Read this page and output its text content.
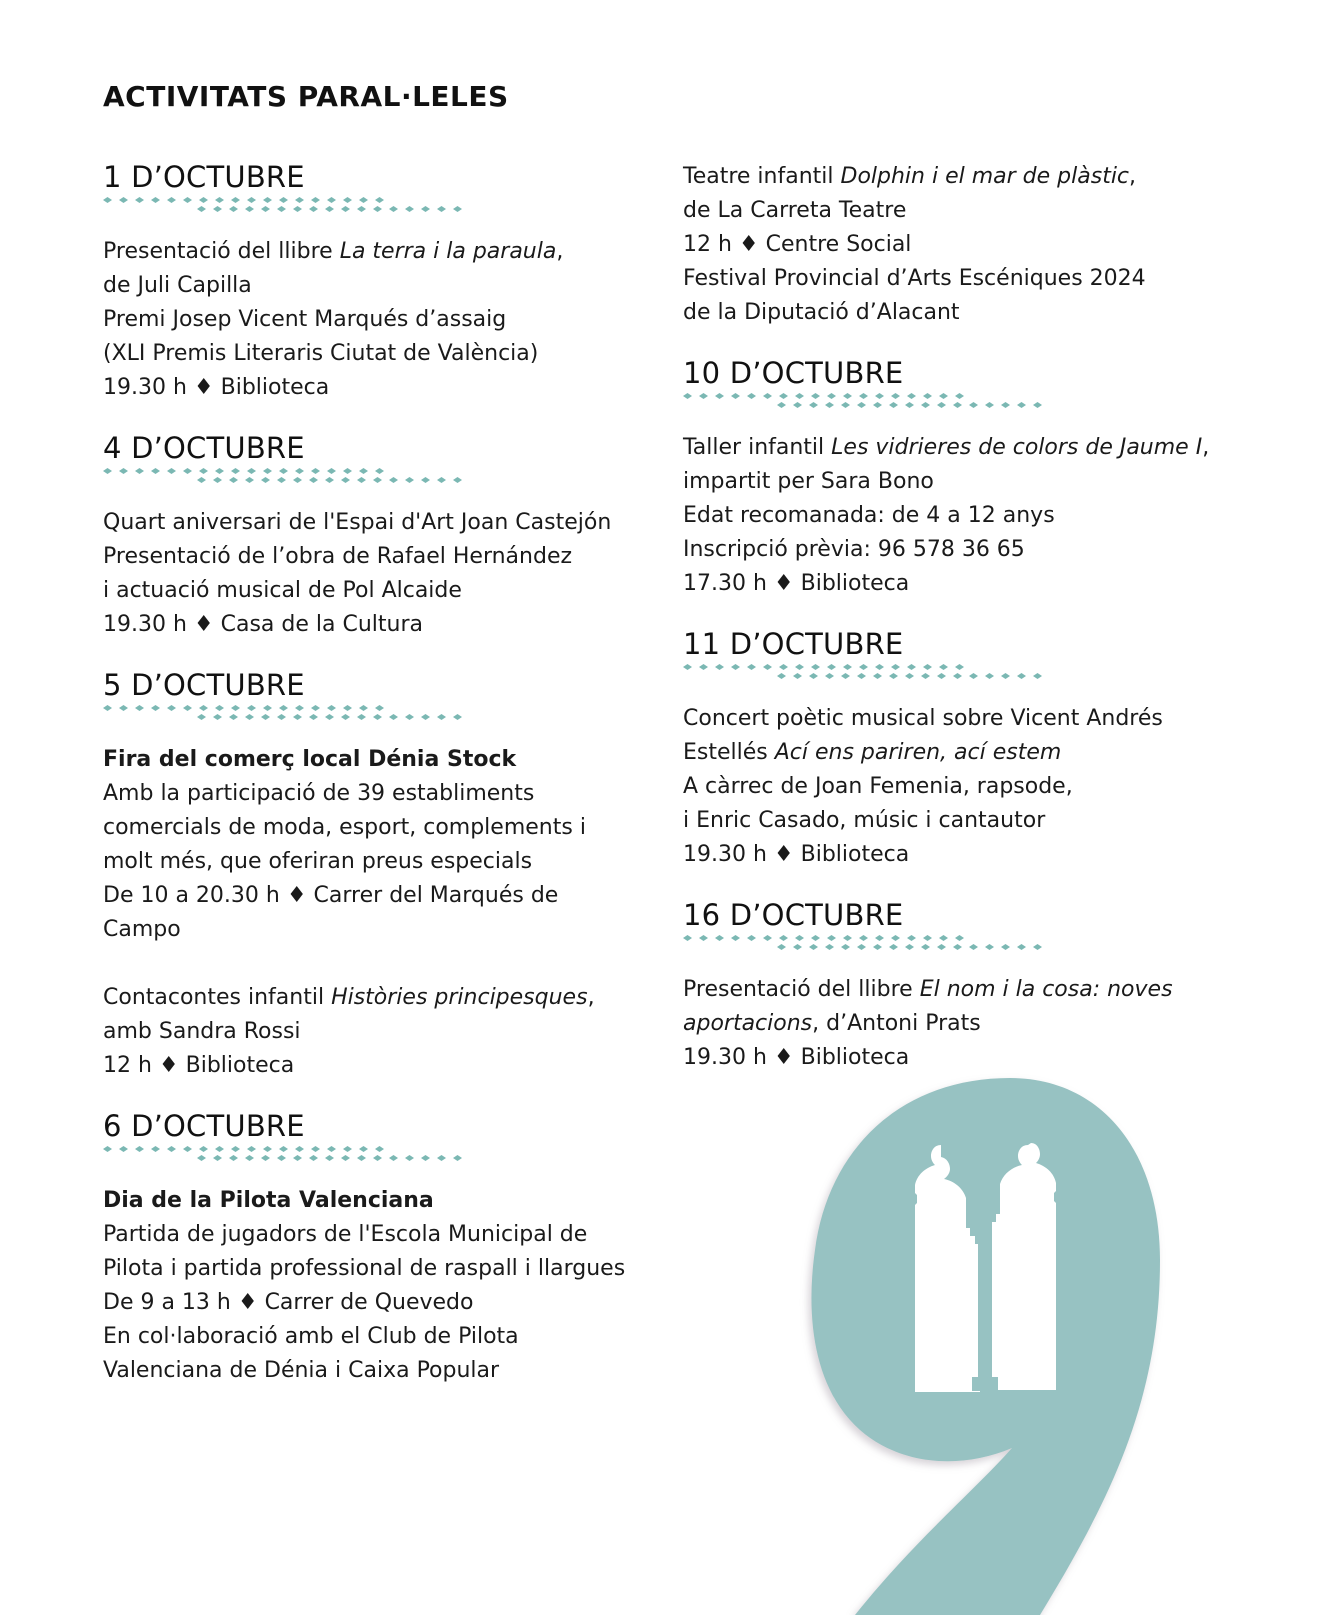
ACTIVITATS PARAL·LELES
1 D’OCTUBRE

Presentació del llibre La terra i la paraula,

de Juli Capilla

Premi Josep Vicent Marqués d’assaig

(XLI Premis Literaris Ciutat de València)

19.30 h ♦ Biblioteca

4 D’OCTUBRE

Quart aniversari de l'Espai d'Art Joan Castejón

Presentació de l’obra de Rafael Hernández

i actuació musical de Pol Alcaide

19.30 h ♦ Casa de la Cultura

5 D’OCTUBRE

Fira del comerç local Dénia Stock

Amb la participació de 39 establiments

comercials de moda, esport, complements i

molt més, que oferiran preus especials

De 10 a 20.30 h ♦ Carrer del Marqués de

Campo

Contacontes infantil Històries principesques,

amb Sandra Rossi

12 h ♦ Biblioteca

6 D’OCTUBRE

Dia de la Pilota Valenciana

Partida de jugadors de l'Escola Municipal de

Pilota i partida professional de raspall i llargues

De 9 a 13 h ♦ Carrer de Quevedo

En col·laboració amb el Club de Pilota

Valenciana de Dénia i Caixa Popular

Teatre infantil Dolphin i el mar de plàstic,

de La Carreta Teatre

12 h ♦ Centre Social

Festival Provincial d’Arts Escéniques 2024

de la Diputació d’Alacant

10 D’OCTUBRE

Taller infantil Les vidrieres de colors de Jaume I,

impartit per Sara Bono

Edat recomanada: de 4 a 12 anys

Inscripció prèvia: 96 578 36 65

17.30 h ♦ Biblioteca

11 D’OCTUBRE

Concert poètic musical sobre Vicent Andrés

Estellés Ací ens pariren, ací estem

A càrrec de Joan Femenia, rapsode,

i Enric Casado, músic i cantautor

19.30 h ♦ Biblioteca

16 D’OCTUBRE

Presentació del llibre El nom i la cosa: noves

aportacions, d’Antoni Prats

19.30 h ♦ Biblioteca
